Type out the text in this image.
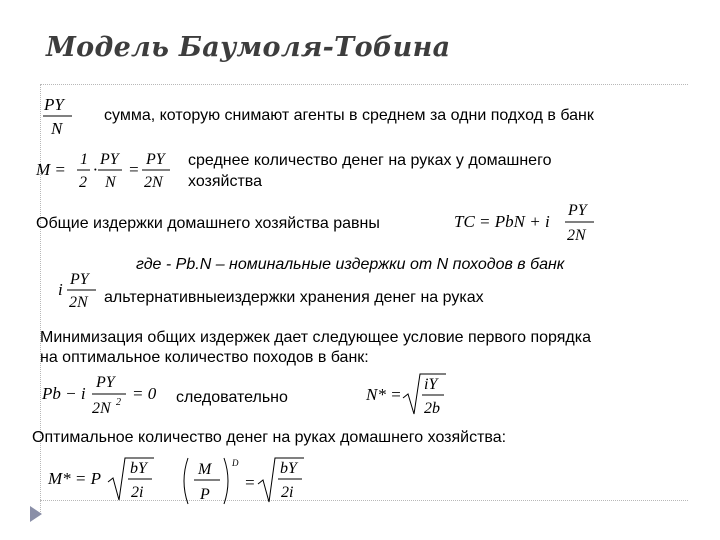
Модель Баумоля-Тобина
PY
N
сумма, которую снимают агенты в среднем за одни подход в банк
M =
1
2
·
PY
N
=
PY
2N
среднее количество денег на руках у домашнего
хозяйства
Общие издержки домашнего хозяйства равны	TC = PbN + i
PY
2N
где - Pb.N – номинальные издержки от N походов в банк
i
PY
2N альтернативныеиздержки хранения денег на руках
Минимизация общих издержек дает следующее условие первого порядка
на оптимальное количество походов в банк:
Pb − i
PY
2N 2 = 0 следовательно	N* =
iY
2b
Оптимальное количество денег на руках домашнего хозяйства:
M* = P
bY
2i
M
P
D
=
bY
2i
